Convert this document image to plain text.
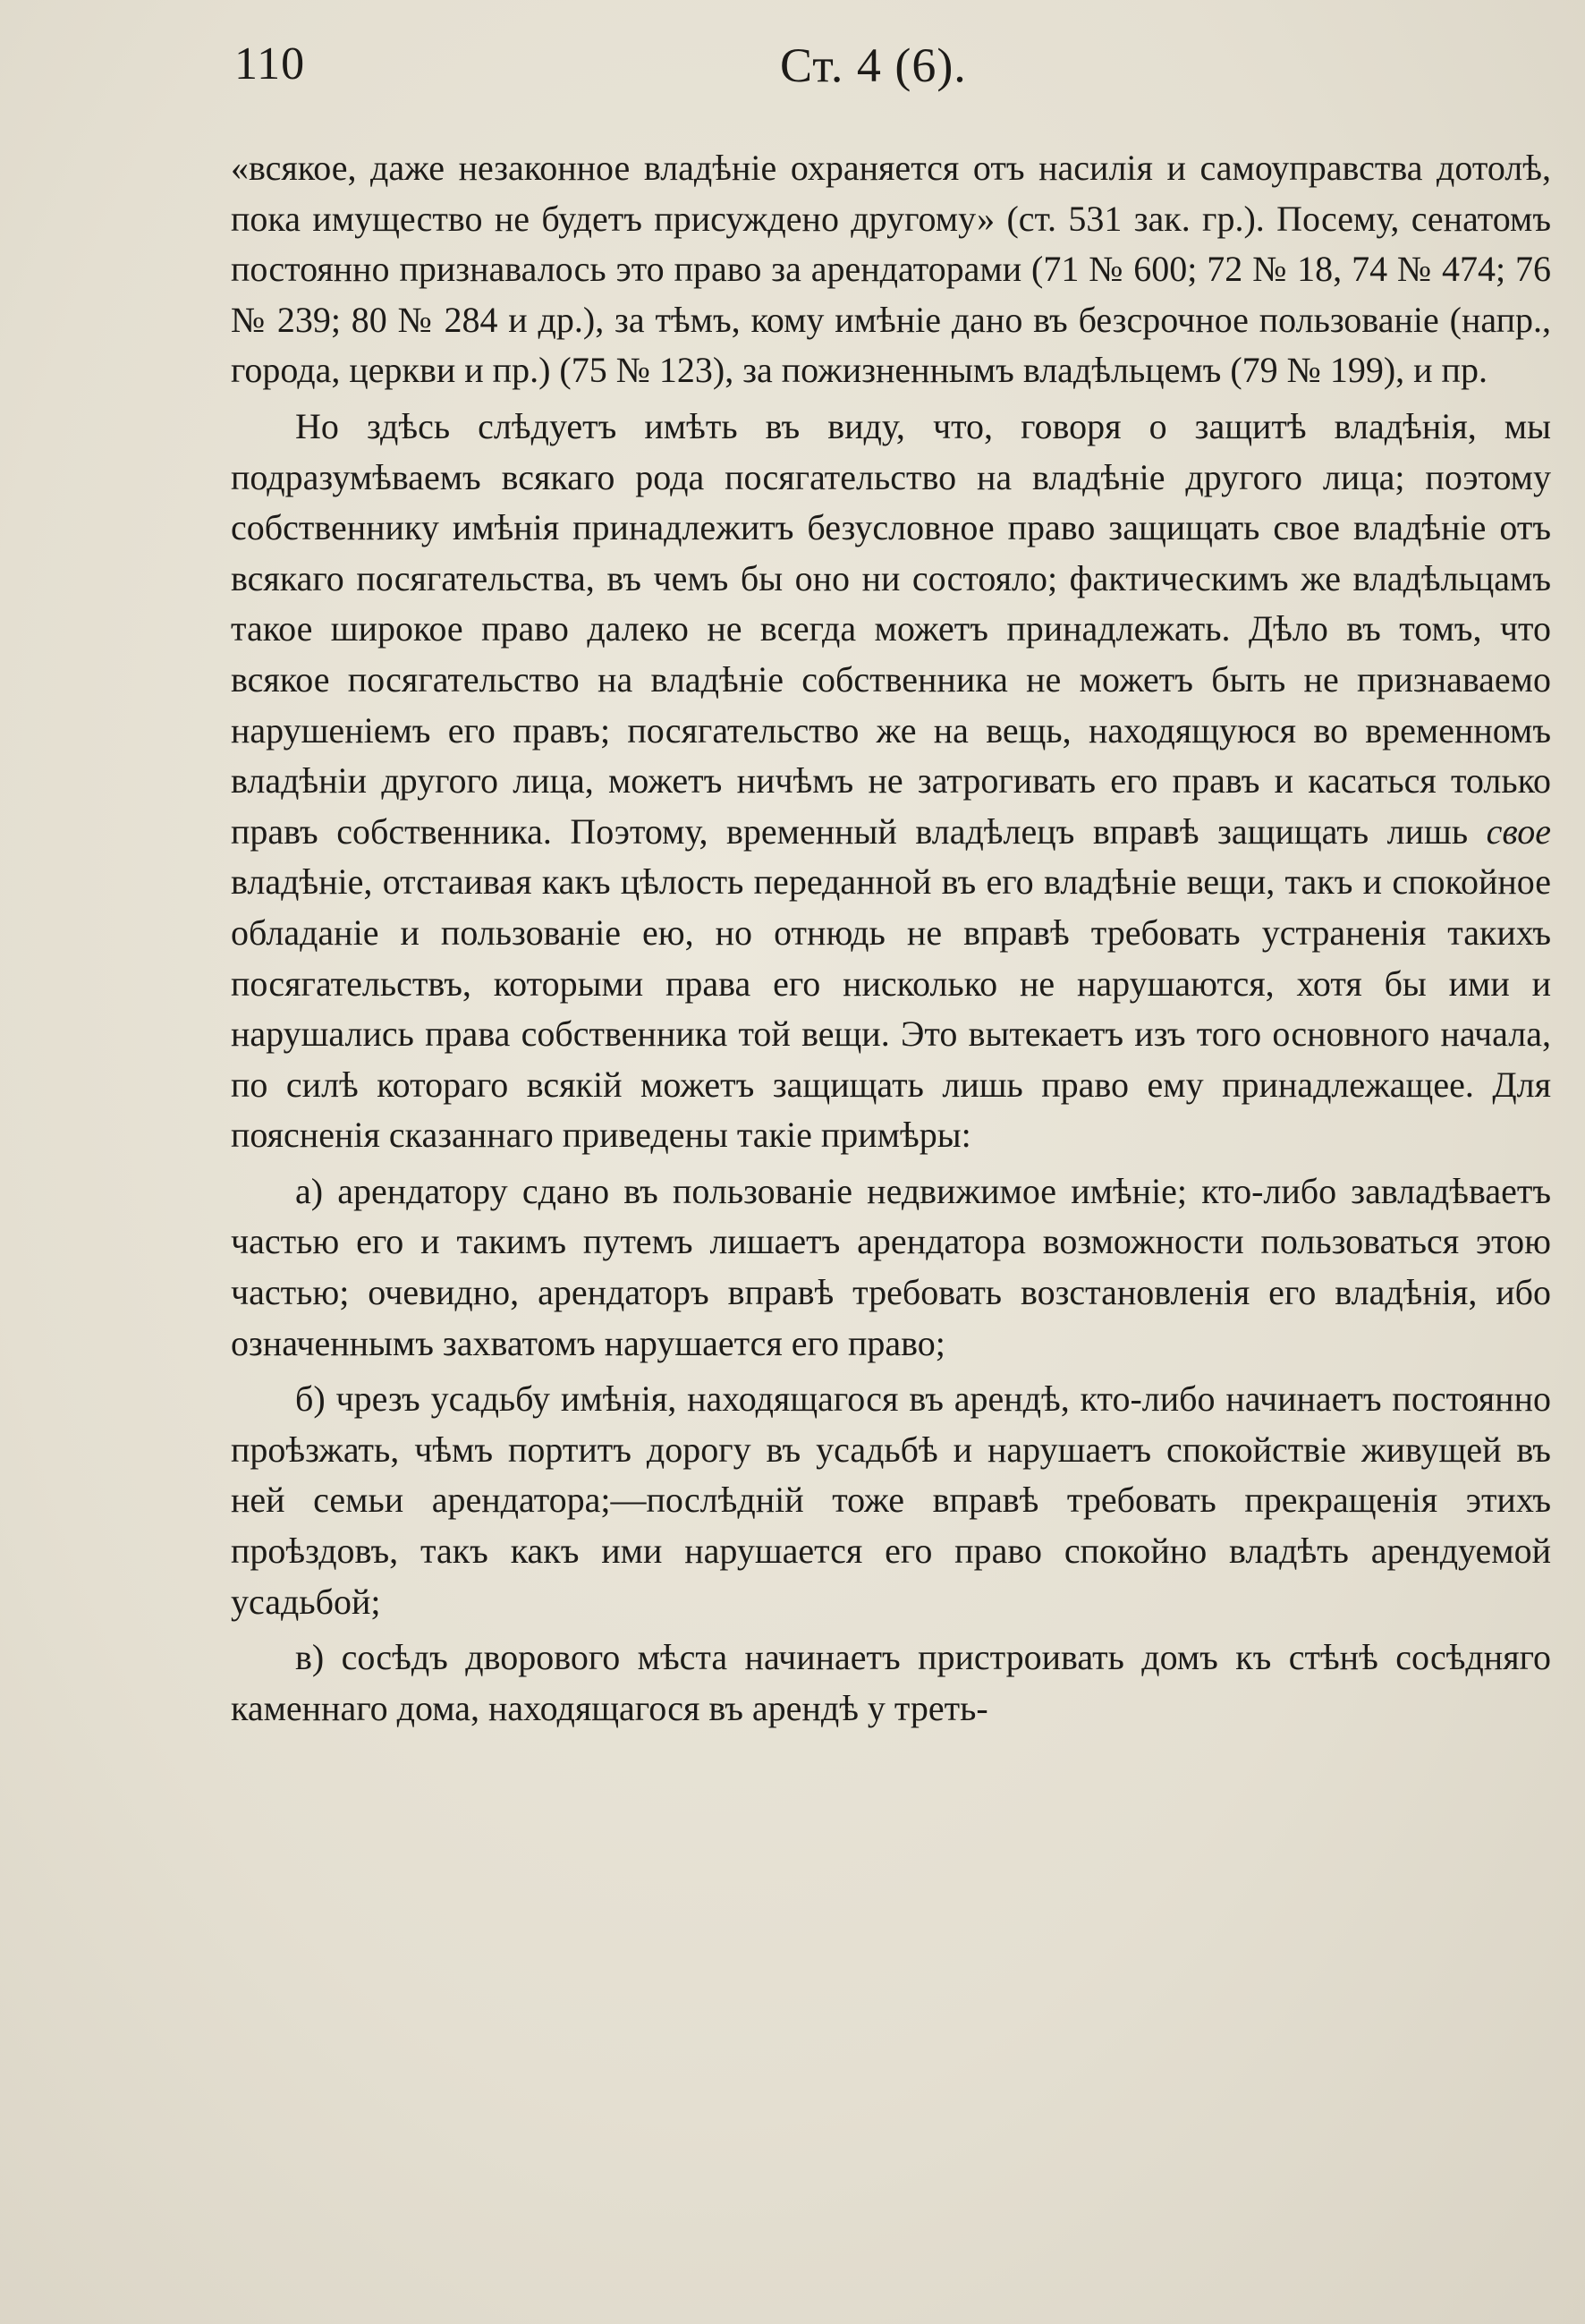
110	Ст. 4 (6).

«всякое, даже незаконное владѣніе охраняется отъ насилія и самоуправства дотолѣ, пока имущество не будетъ присуждено другому» (ст. 531 зак. гр.). Посему, сенатомъ постоянно признавалось это право за арендаторами (71 № 600; 72 № 18, 74 № 474; 76 № 239; 80 № 284 и др.), за тѣмъ, кому имѣніе дано въ безсрочное пользованіе (напр., города, церкви и пр.) (75 № 123), за пожизненнымъ владѣльцемъ (79 № 199), и пр.

Но здѣсь слѣдуетъ имѣть въ виду, что, говоря о защитѣ владѣнія, мы подразумѣваемъ всякаго рода посягательство на владѣніе другого лица; поэтому собственнику имѣнія принадлежитъ безусловное право защищать свое владѣніе отъ всякаго посягательства, въ чемъ бы оно ни состояло; фактическимъ же владѣльцамъ такое широкое право далеко не всегда можетъ принадлежать. Дѣло въ томъ, что всякое посягательство на владѣніе собственника не можетъ быть не признаваемо нарушеніемъ его правъ; посягательство же на вещь, находящуюся во временномъ владѣніи другого лица, можетъ ничѣмъ не затрогивать его правъ и касаться только правъ собственника. Поэтому, временный владѣлецъ вправѣ защищать лишь свое владѣніе, отстаивая какъ цѣлость переданной въ его владѣніе вещи, такъ и спокойное обладаніе и пользованіе ею, но отнюдь не вправѣ требовать устраненія такихъ посягательствъ, которыми права его нисколько не нарушаются, хотя бы ими и нарушались права собственника той вещи. Это вытекаетъ изъ того основного начала, по силѣ котораго всякій можетъ защищать лишь право ему принадлежащее. Для поясненія сказаннаго приведены такіе примѣры:

а) арендатору сдано въ пользованіе недвижимое имѣніе; кто-либо завладѣваетъ частью его и такимъ путемъ лишаетъ арендатора возможности пользоваться этою частью; очевидно, арендаторъ вправѣ требовать возстановленія его владѣнія, ибо означеннымъ захватомъ нарушается его право;

б) чрезъ усадьбу имѣнія, находящагося въ арендѣ, кто-либо начинаетъ постоянно проѣзжать, чѣмъ портитъ дорогу въ усадьбѣ и нарушаетъ спокойствіе живущей въ ней семьи арендатора;—послѣдній тоже вправѣ требовать прекращенія этихъ проѣздовъ, такъ какъ ими нарушается его право спокойно владѣть арендуемой усадьбой;

в) сосѣдъ дворового мѣста начинаетъ пристроивать домъ къ стѣнѣ сосѣдняго каменнаго дома, находящагося въ арендѣ у треть-
